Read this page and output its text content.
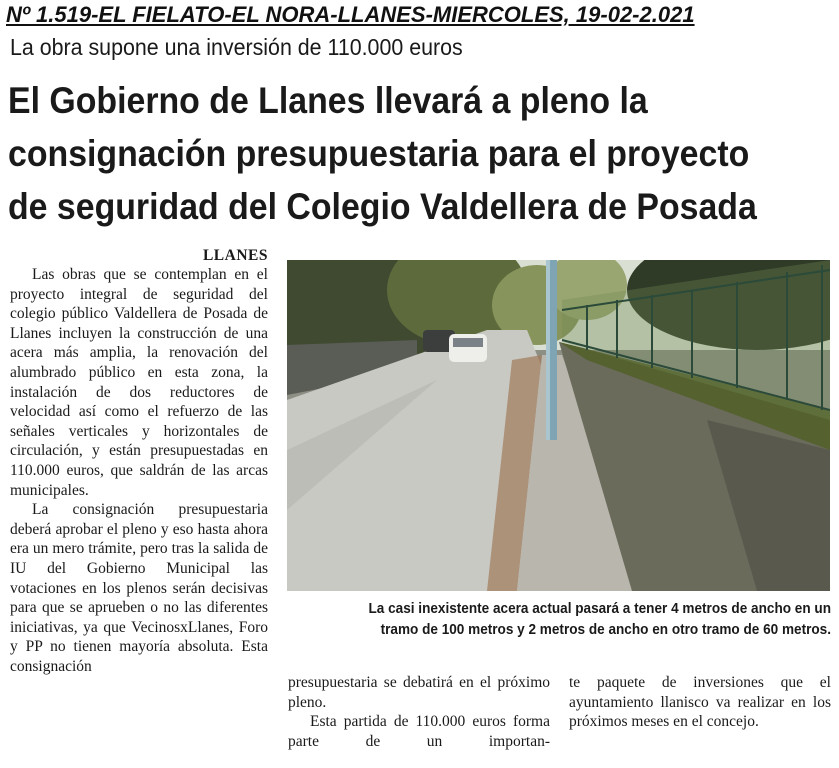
Nº 1.519-EL FIELATO-EL NORA-LLANES-MIERCOLES, 19-02-2.021
La obra supone una inversión de 110.000 euros
El Gobierno de Llanes llevará a pleno la
consignación presupuestaria para el proyecto
de seguridad del Colegio Valdellera de Posada
LLANES

Las obras que se contemplan en el proyecto integral de seguridad del colegio público Valdellera de Posada de Llanes incluyen la construcción de una acera más amplia, la renovación del alumbrado público en esta zona, la instalación de dos reductores de velocidad así como el refuerzo de las señales verticales y horizontales de circulación, y están presupuestadas en 110.000 euros, que saldrán de las arcas municipales.

La consignación presupuestaria deberá aprobar el pleno y eso hasta ahora era un mero trámite, pero tras la salida de IU del Gobierno Municipal las votaciones en los plenos serán decisivas para que se aprueben o no las diferentes iniciativas, ya que VecinosxLlanes, Foro y PP no tienen mayoría absoluta. Esta consignación

La casi inexistente acera actual pasará a tener 4 metros de ancho en un
tramo de 100 metros y 2 metros de ancho en otro tramo de 60 metros.

presupuestaria se debatirá en el próximo pleno.

Esta partida de 110.000 euros forma parte de un importan-

te paquete de inversiones que el ayuntamiento llanisco va realizar en los próximos meses en el concejo.
